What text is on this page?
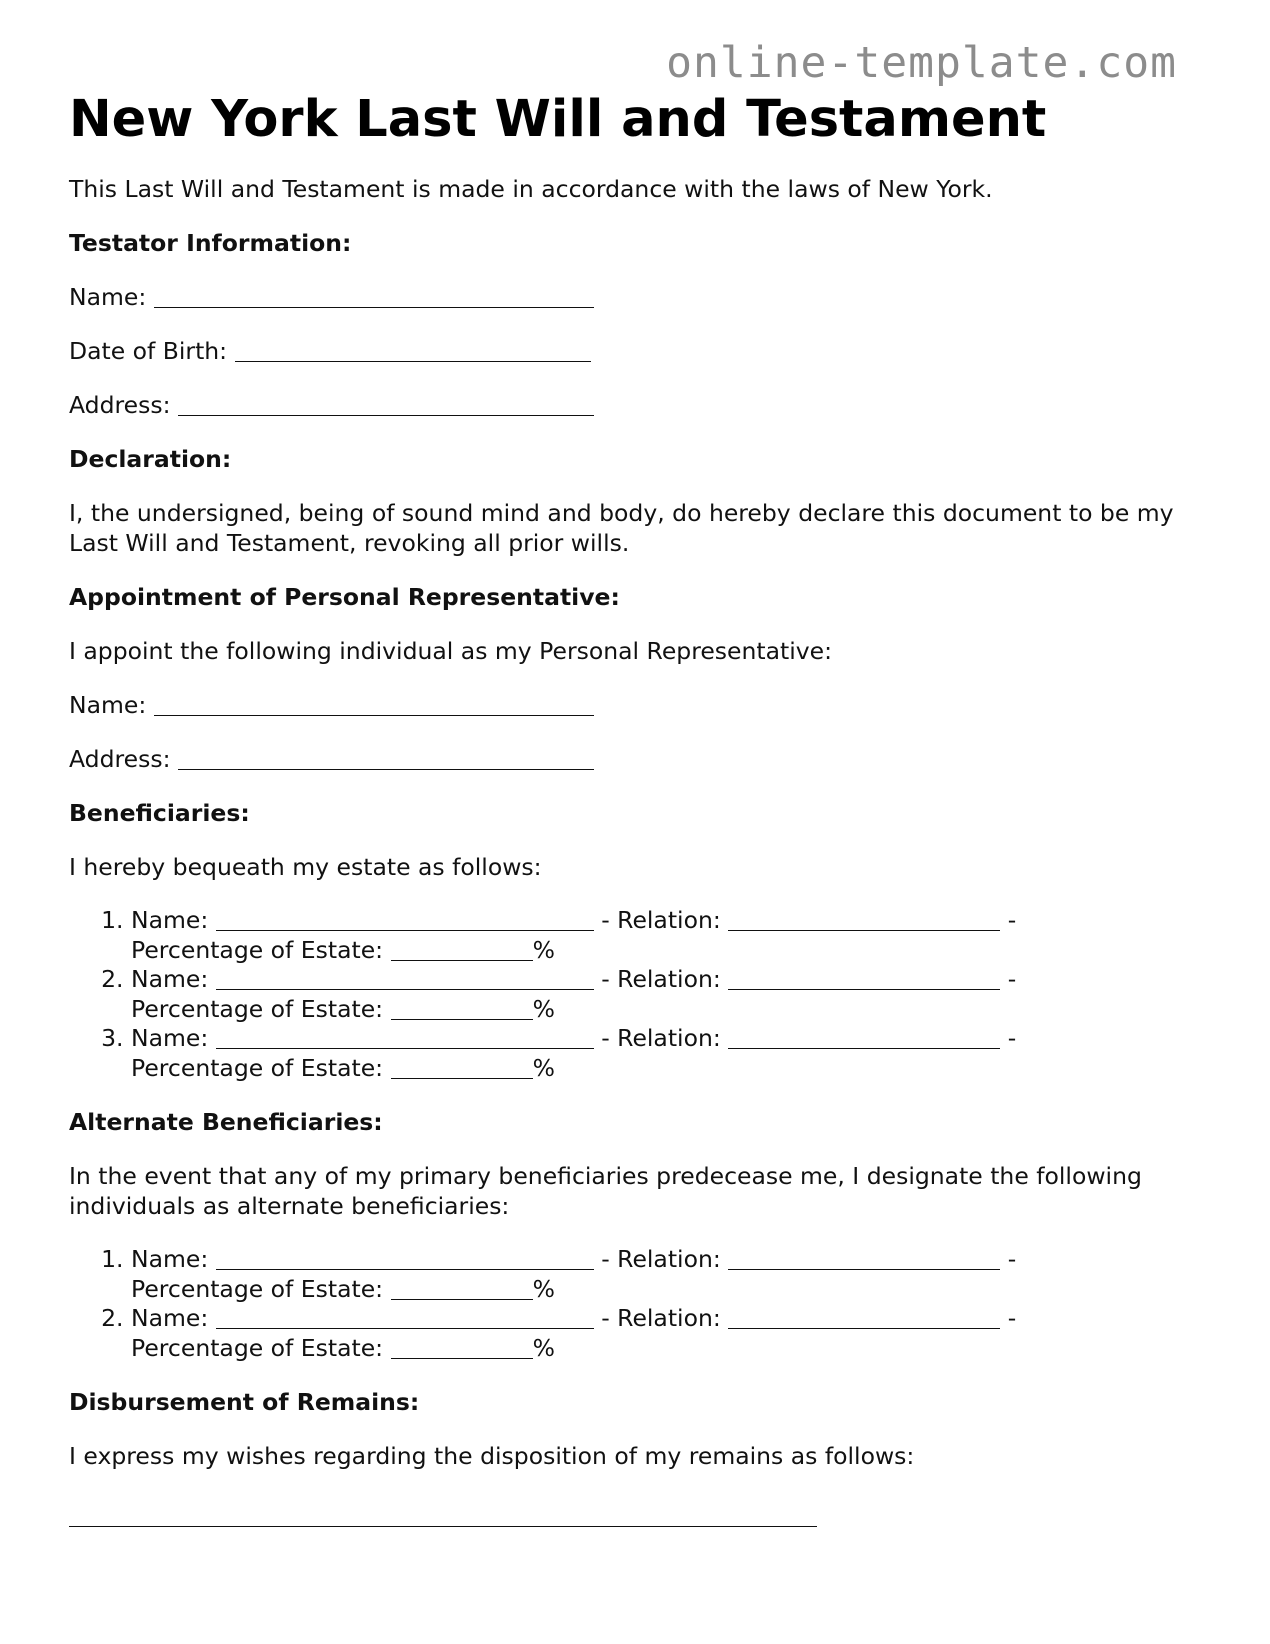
online-template.com
New York Last Will and Testament

This Last Will and Testament is made in accordance with the laws of New York.

Testator Information:

Name:

Date of Birth:

Address:

Declaration:

I, the undersigned, being of sound mind and body, do hereby declare this document to be my Last Will and Testament, revoking all prior wills.

Appointment of Personal Representative:

I appoint the following individual as my Personal Representative:

Name:

Address:

Beneficiaries:

I hereby bequeath my estate as follows:

1. Name:	- Relation:	-
Percentage of Estate:	%
2. Name:	- Relation:	-
Percentage of Estate:	%
3. Name:	- Relation:	-
Percentage of Estate:	%

Alternate Beneficiaries:

In the event that any of my primary beneficiaries predecease me, I designate the following individuals as alternate beneficiaries:

1. Name:	- Relation:	-
Percentage of Estate:	%
2. Name:	- Relation:	-
Percentage of Estate:	%

Disbursement of Remains:

I express my wishes regarding the disposition of my remains as follows:
